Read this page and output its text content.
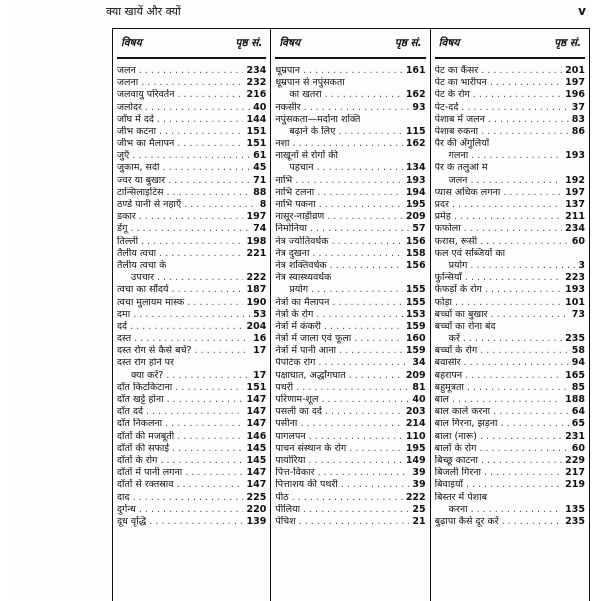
क्या खायें और क्यों	v
विषय	पृष्ठ सं.
जलन . . .	234
जलना . . .	232
जलवायु परिवर्तन . . .	216
जलोदर . . .	40
जाँघ में दर्द . . .	144
जीभ कटना . . .	151
जीभ का मैलापन . . .	151
जुएँ . . .	61
जुकाम, सर्दी . . .	45
ज्वर या बुखार . . .	71
टान्सिलाइटिस . . .	88
ठण्डे पानी से नहाएँ . . .	8
डकार . . .	197
डेंगू . . .	74
तिल्ली . . .	198
तैलीय त्वचा . . .	221
तैलीय त्वचा के
उपचार . . .	222
त्वचा का सौंदर्य . . .	187
त्वचा मुलायम मास्क . . .	190
दमा . . .	53
दर्द . . .	204
दस्त . . .	16
दस्त रोग से कैसे बचें? . . .	17
दस्त रोग होने पर
क्या करें? . . .	17
दाँत किटकिटाना . . .	151
दाँत खट्टे होना . . .	147
दाँत दर्द . . .	147
दाँत निकलना . . .	147
दाँतों की मजबूती . . .	146
दाँतों की सफाई . . .	145
दाँतों के रोग . . .	145
दाँतों में पानी लगना . . .	147
दाँतों से रक्तस्राव . . .	147
दाद . . .	225
दुर्गन्ध . . .	220
दूध वृद्धि . . .	139
विषय	पृष्ठ सं.
धूम्रपान . . .	161
धूम्रपान से नपुंसकता
का खतरा . . .	162
नकसीर . . .	93
नपुंसकता—मर्दाना शक्ति
बढ़ाने के लिए . . .	115
नशा . . .	162
नाखूनों से रोगों की
पहचान . . .	134
नाभि . . .	193
नाभि टलना . . .	194
नाभि पकना . . .	195
नासूर-नाड़ीव्रण . . .	209
निमोनिया . . .	57
नेत्र ज्योतिवर्धक . . .	156
नेत्र दुखना . . .	158
नेत्र शक्तिवर्धक . . .	156
नेत्र स्वास्थ्यवर्धक
प्रयोग . . .	155
नेत्रों का मैलापन . . .	155
नेत्रों के रोग . . .	153
नेत्रों में कंकरी . . .	159
नेत्रों में जाला एवं फूला . . .	160
नेत्रों में पानी आना . . .	159
पैपटिक रोग . . .	34
पक्षाघात, अर्द्धांगघात . . .	209
पथरी . . .	81
परिणाम-शूल . . .	40
पसली का दर्द . . .	203
पसीना . . .	214
पागलपन . . .	110
पाचन संस्थान के रोग . . .	195
पायोरिया . . .	149
पित्त-विकार . . .	39
पित्ताशय की पथरी . . .	39
पीठ . . .	222
पीलिया . . .	25
पेचिश . . .	21
विषय	पृष्ठ सं.
पेट का कैंसर . . .	201
पेट का भारीपन . . .	197
पेट के रोग . . .	196
पेट-दर्द . . .	37
पेशाब में जलन . . .	83
पेशाब रुकना . . .	86
पैर की अँगुलियाँ
गलना . . .	193
पैर के तलुओं में
जलन . . .	192
प्यास अधिक लगना . . .	197
प्रदर . . .	137
प्रमेह . . .	211
फफोला . . .	234
फरास, रूसी . . .	60
फल एवं सब्जियों का
प्रयोग . . .	3
फुन्सियाँ . . .	223
फेफड़ों के रोग . . .	193
फोड़ा . . .	101
बच्चों का बुखार . . .	73
बच्चों का रोना बंद
करें . . .	235
बच्चों के रोग . . .	58
बवासीर . . .	94
बहरापन . . .	165
बहुमूत्रता . . .	85
बाल . . .	188
बाल काले करना . . .	64
बाल गिरना, झड़ना . . .	65
बाला (नारू) . . .	231
बालों के रोग . . .	60
बिच्छू काटना . . .	229
बिजली गिरना . . .	217
बिवाइयाँ . . .	219
बिस्तर में पेशाब
करना . . .	135
बुढ़ापा कैसे दूर करें . . .	235
